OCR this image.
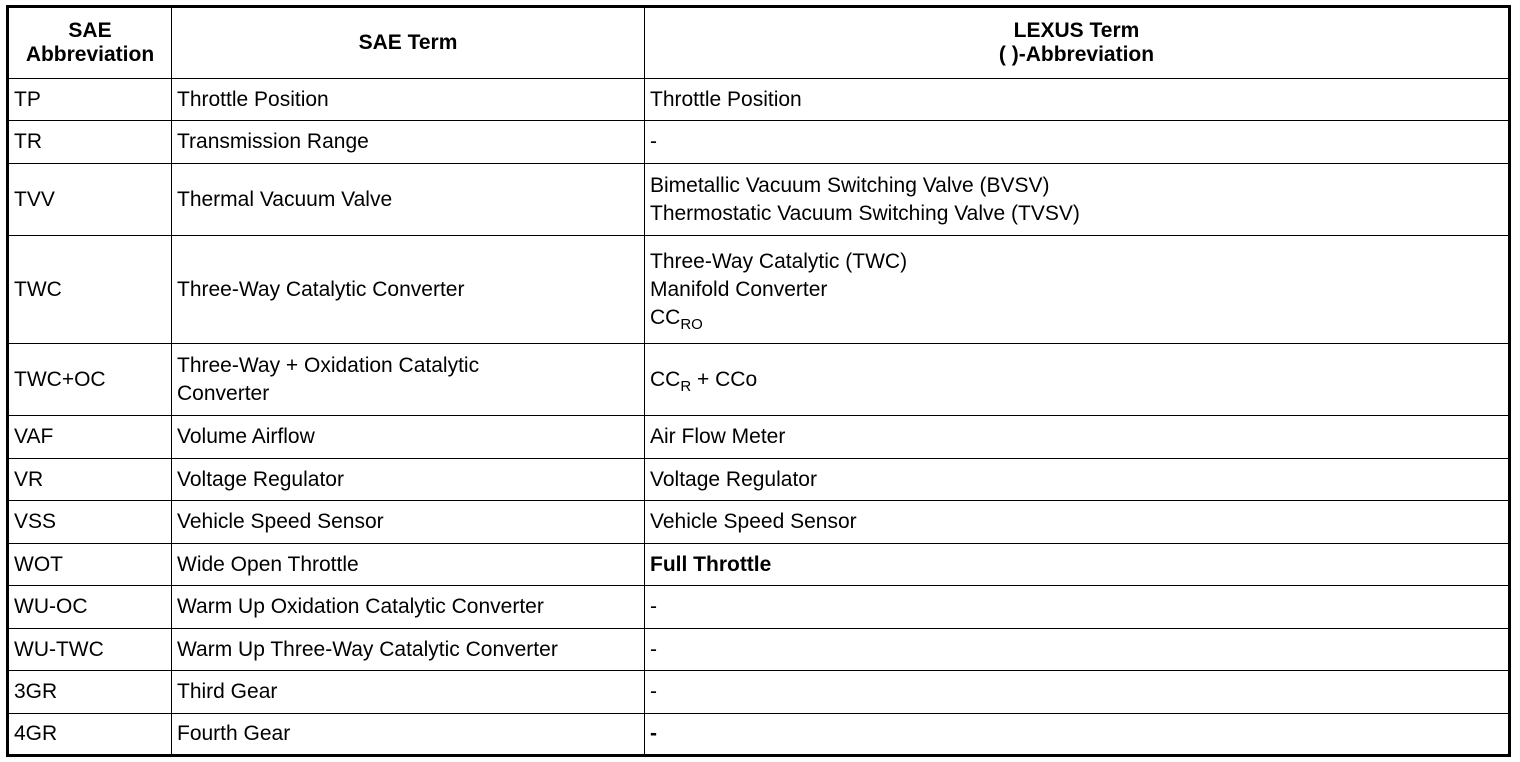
SAE
Abbreviation	SAE Term	LEXUS Term
( )-Abbreviation

TP	Throttle Position	Throttle Position

TR	Transmission Range	-

TVV	Thermal Vacuum Valve	Bimetallic Vacuum Switching Valve (BVSV)
Thermostatic Vacuum Switching Valve (TVSV)

TWC	Three-Way Catalytic Converter	Three-Way Catalytic (TWC)
Manifold Converter
$CC_{RO}$

TWC+OC	Three-Way + Oxidation Catalytic
Converter	$CC_R$ + CCo

VAF	Volume Airflow	Air Flow Meter

VR	Voltage Regulator	Voltage Regulator

VSS	Vehicle Speed Sensor	Vehicle Speed Sensor

WOT	Wide Open Throttle	Full Throttle

WU-OC	Warm Up Oxidation Catalytic Converter	-

WU-TWC	Warm Up Three-Way Catalytic Converter	-

3GR	Third Gear	-

4GR	Fourth Gear	-
